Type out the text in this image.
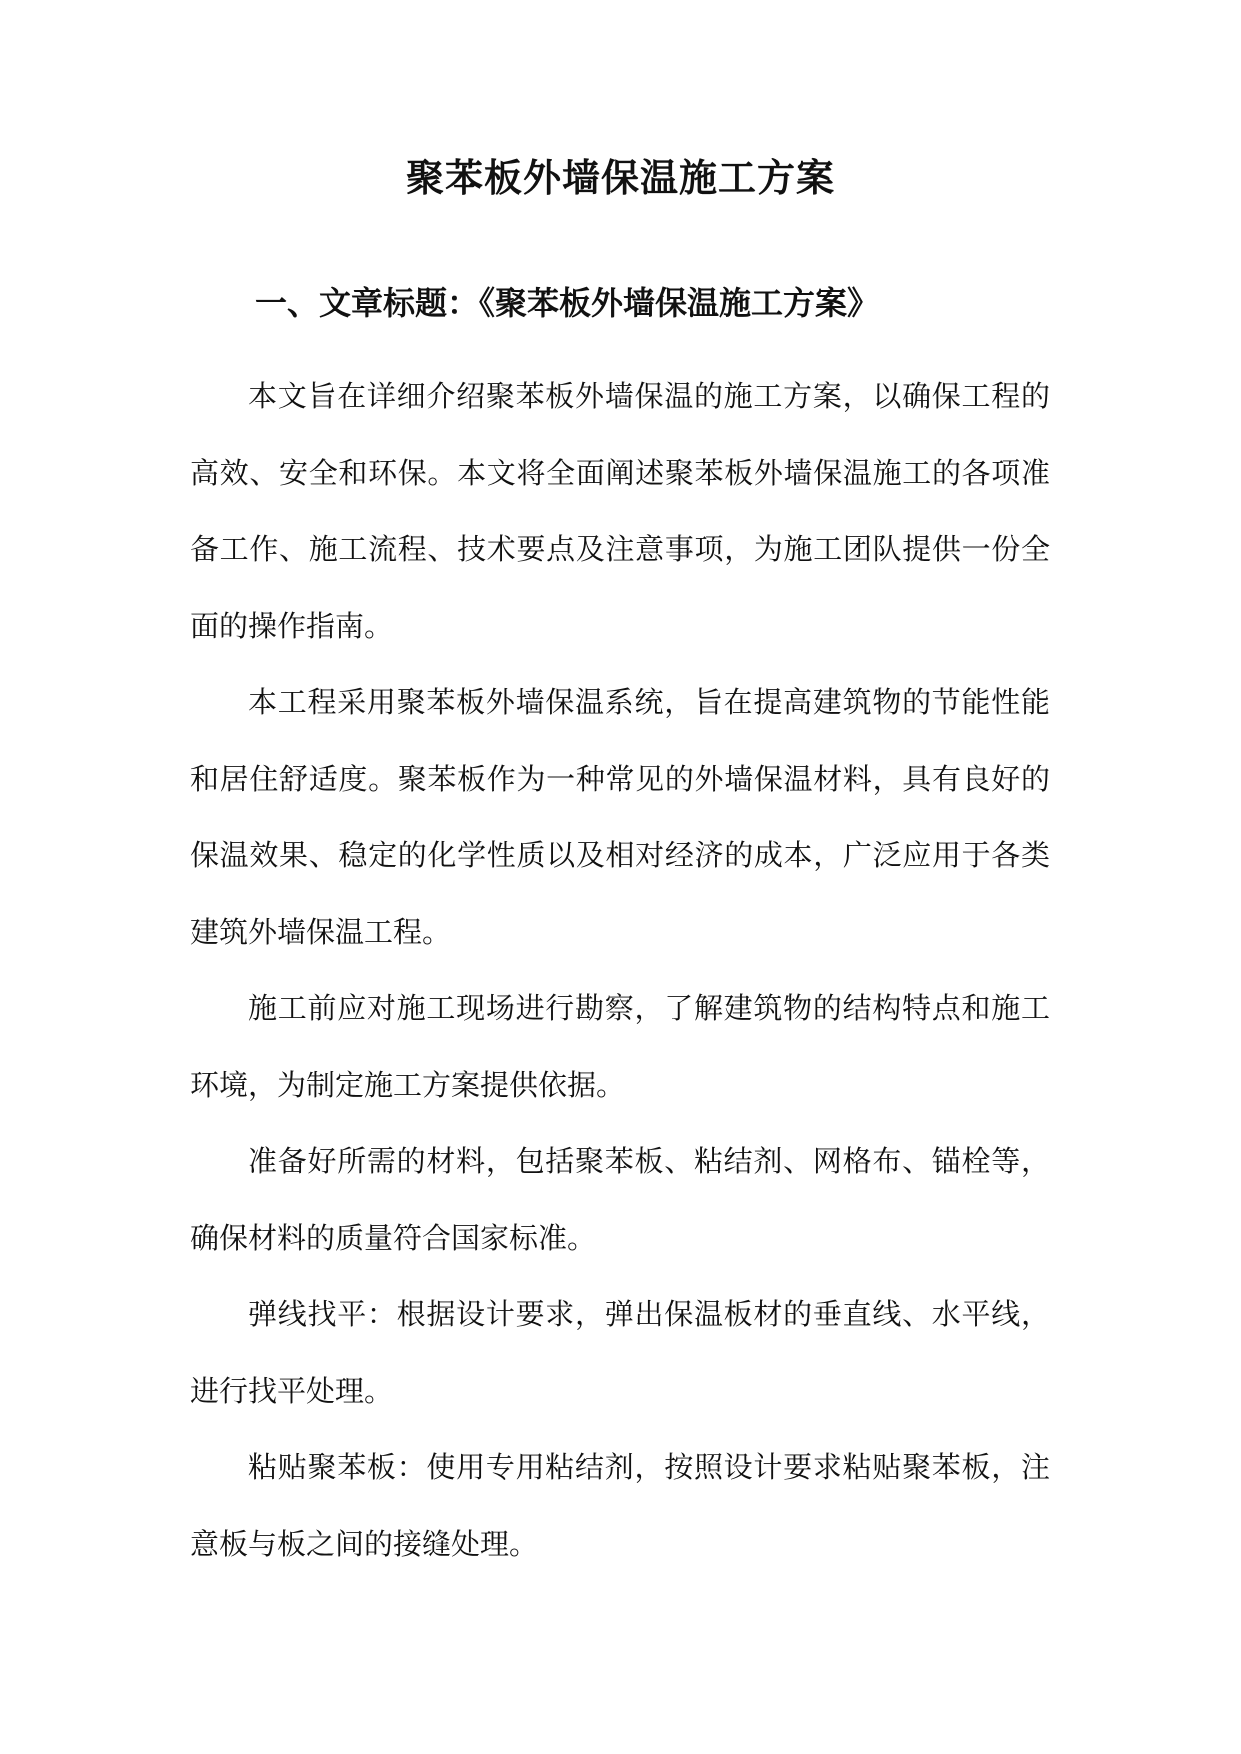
聚苯板外墙保温施工方案
一、文章标题：《聚苯板外墙保温施工方案》

本文旨在详细介绍聚苯板外墙保温的施工方案，以确保工程的高效、安全和环保。本文将全面阐述聚苯板外墙保温施工的各项准备工作、施工流程、技术要点及注意事项，为施工团队提供一份全面的操作指南。

本工程采用聚苯板外墙保温系统，旨在提高建筑物的节能性能和居住舒适度。聚苯板作为一种常见的外墙保温材料，具有良好的保温效果、稳定的化学性质以及相对经济的成本，广泛应用于各类建筑外墙保温工程。

施工前应对施工现场进行勘察，了解建筑物的结构特点和施工环境，为制定施工方案提供依据。

准备好所需的材料，包括聚苯板、粘结剂、网格布、锚栓等，确保材料的质量符合国家标准。

弹线找平：根据设计要求，弹出保温板材的垂直线、水平线，进行找平处理。

粘贴聚苯板：使用专用粘结剂，按照设计要求粘贴聚苯板，注意板与板之间的接缝处理。
